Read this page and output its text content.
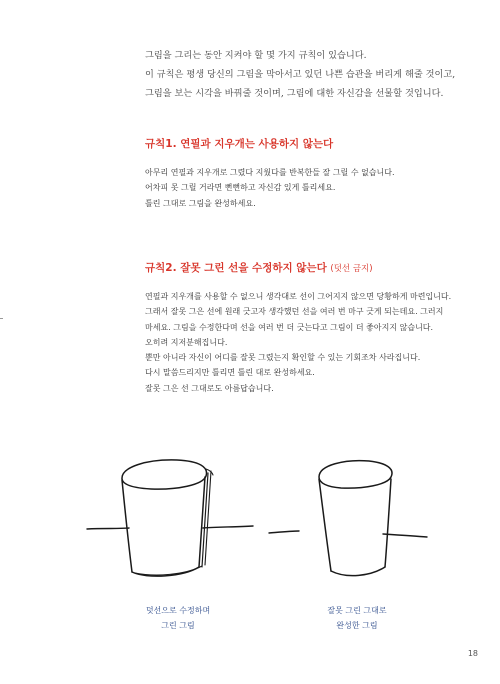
그림을 그리는 동안 지켜야 할 몇 가지 규칙이 있습니다.
이 규칙은 평생 당신의 그림을 막아서고 있던 나쁜 습관을 버리게 해줄 것이고,
그림을 보는 시각을 바꿔줄 것이며, 그림에 대한 자신감을 선물할 것입니다.
규칙1. 연필과 지우개는 사용하지 않는다
아무리 연필과 지우개로 그렸다 지웠다를 반복한들 잘 그릴 수 없습니다.
어차피 못 그릴 거라면 뻔뻔하고 자신감 있게 틀리세요.
틀린 그대로 그림을 완성하세요.
규칙2. 잘못 그린 선을 수정하지 않는다 (덧선 금지)
연필과 지우개를 사용할 수 없으니 생각대로 선이 그어지지 않으면 당황하게 마련입니다.
그래서 잘못 그은 선에 원래 긋고자 생각했던 선을 여러 번 마구 긋게 되는데요. 그러지
마세요. 그림을 수정한다며 선을 여러 번 더 긋는다고 그림이 더 좋아지지 않습니다.
오히려 지저분해집니다.
뿐만 아니라 자신이 어디를 잘못 그렸는지 확인할 수 있는 기회조차 사라집니다.
다시 말씀드리지만 틀리면 틀린 대로 완성하세요.
잘못 그은 선 그대로도 아름답습니다.
덧선으로 수정하며
그린 그림
잘못 그린 그대로
완성한 그림
18
